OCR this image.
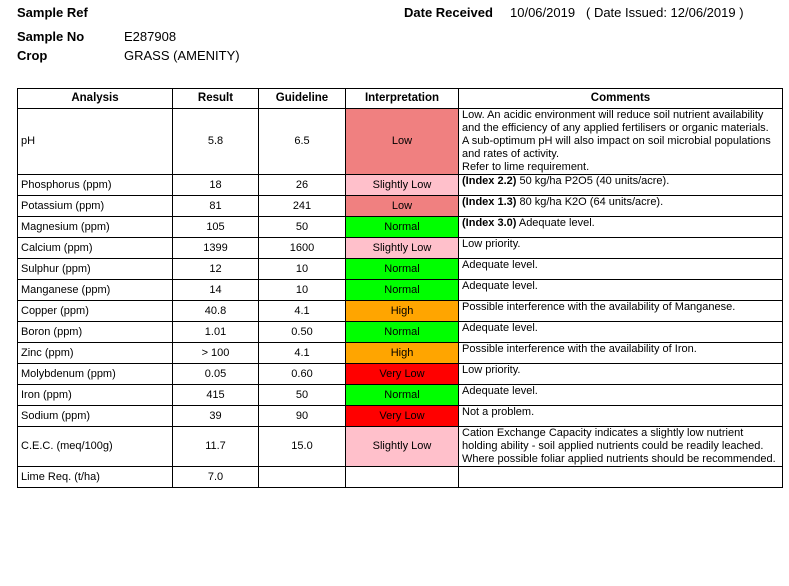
Sample Ref	Date Received 10/06/2019 ( Date Issued: 12/06/2019 )
Sample No	E287908
Crop	GRASS (AMENITY)
Analysis	Result	Guideline	Interpretation	Comments
pH	5.8	6.5	Low	Low. An acidic environment will reduce soil nutrient availability and the efficiency of any applied fertilisers or organic materials.
A sub-optimum pH will also impact on soil microbial populations and rates of activity.
Refer to lime requirement.
Phosphorus (ppm)	18	26	Slightly Low	(Index 2.2) 50 kg/ha P2O5 (40 units/acre).
Potassium (ppm)	81	241	Low	(Index 1.3) 80 kg/ha K2O (64 units/acre).
Magnesium (ppm)	105	50	Normal	(Index 3.0) Adequate level.
Calcium (ppm)	1399	1600	Slightly Low	Low priority.
Sulphur (ppm)	12	10	Normal	Adequate level.
Manganese (ppm)	14	10	Normal	Adequate level.
Copper (ppm)	40.8	4.1	High	Possible interference with the availability of Manganese.
Boron (ppm)	1.01	0.50	Normal	Adequate level.
Zinc (ppm)	> 100	4.1	High	Possible interference with the availability of Iron.
Molybdenum (ppm)	0.05	0.60	Very Low	Low priority.
Iron (ppm)	415	50	Normal	Adequate level.
Sodium (ppm)	39	90	Very Low	Not a problem.
C.E.C. (meq/100g)	11.7	15.0	Slightly Low	Cation Exchange Capacity indicates a slightly low nutrient holding ability - soil applied nutrients could be readily leached. Where possible foliar applied nutrients should be recommended.
Lime Req. (t/ha)	7.0			
